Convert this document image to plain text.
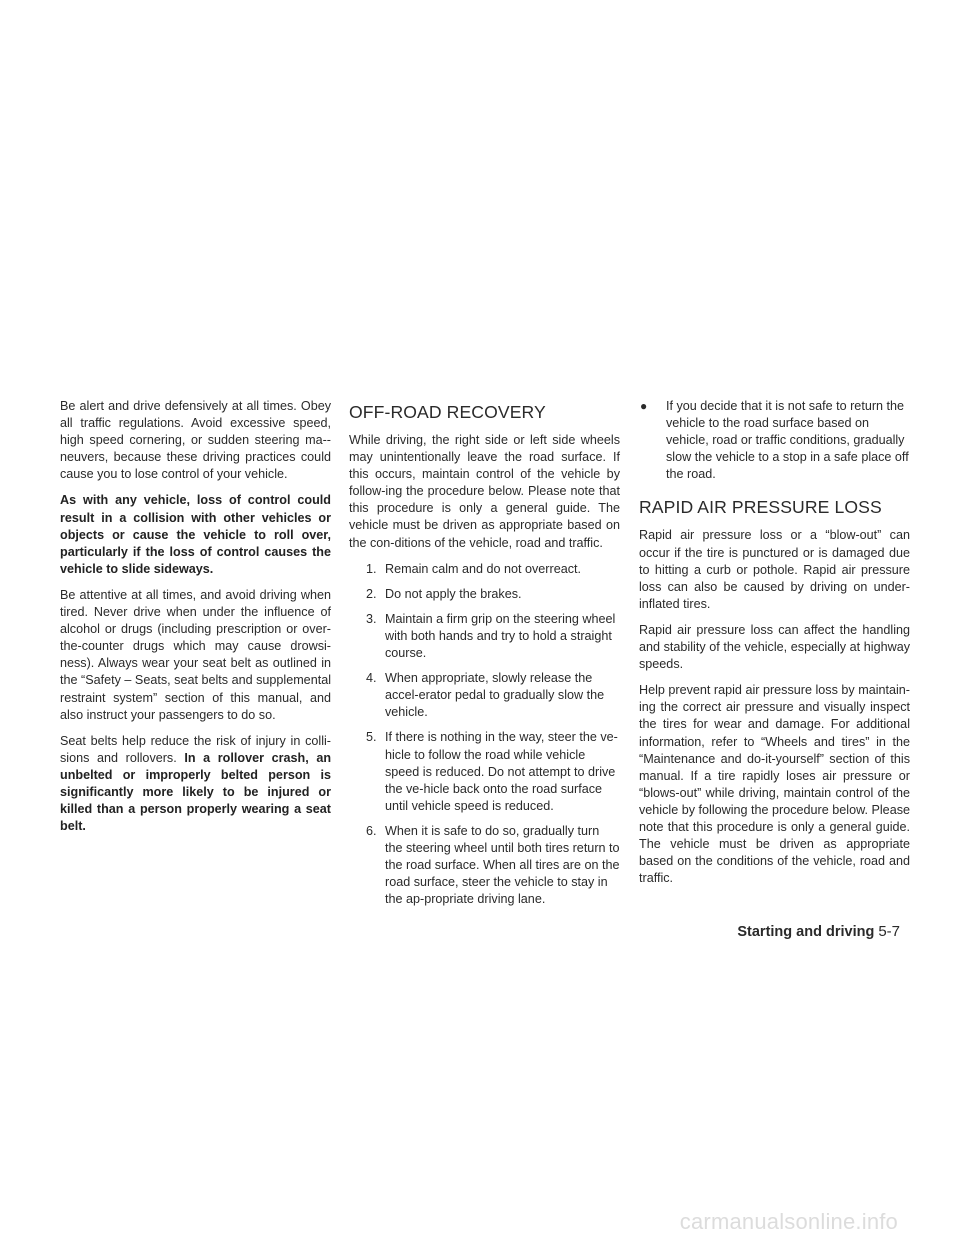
Be alert and drive defensively at all times. Obey all traffic regulations. Avoid excessive speed, high speed cornering, or sudden steering ma-neuvers, because these driving practices could cause you to lose control of your vehicle.

As with any vehicle, loss of control could result in a collision with other vehicles or objects or cause the vehicle to roll over, particularly if the loss of control causes the vehicle to slide sideways.

Be attentive at all times, and avoid driving when tired. Never drive when under the influence of alcohol or drugs (including prescription or over-the-counter drugs which may cause drowsi-ness). Always wear your seat belt as outlined in the “Safety – Seats, seat belts and supplemental restraint system” section of this manual, and also instruct your passengers to do so.

Seat belts help reduce the risk of injury in colli-sions and rollovers. In a rollover crash, an unbelted or improperly belted person is significantly more likely to be injured or killed than a person properly wearing a seat belt.

OFF-ROAD RECOVERY

While driving, the right side or left side wheels may unintentionally leave the road surface. If this occurs, maintain control of the vehicle by follow-ing the procedure below. Please note that this procedure is only a general guide. The vehicle must be driven as appropriate based on the con-ditions of the vehicle, road and traffic.

1. Remain calm and do not overreact.
2. Do not apply the brakes.
3. Maintain a firm grip on the steering wheel with both hands and try to hold a straight course.
4. When appropriate, slowly release the accel-erator pedal to gradually slow the vehicle.
5. If there is nothing in the way, steer the ve-hicle to follow the road while vehicle speed is reduced. Do not attempt to drive the ve-hicle back onto the road surface until vehicle speed is reduced.
6. When it is safe to do so, gradually turn the steering wheel until both tires return to the road surface. When all tires are on the road surface, steer the vehicle to stay in the ap-propriate driving lane.
● If you decide that it is not safe to return the vehicle to the road surface based on vehicle, road or traffic conditions, gradually slow the vehicle to a stop in a safe place off the road.
RAPID AIR PRESSURE LOSS

Rapid air pressure loss or a “blow-out” can occur if the tire is punctured or is damaged due to hitting a curb or pothole. Rapid air pressure loss can also be caused by driving on under-inflated tires.

Rapid air pressure loss can affect the handling and stability of the vehicle, especially at highway speeds.

Help prevent rapid air pressure loss by maintain-ing the correct air pressure and visually inspect the tires for wear and damage. For additional information, refer to “Wheels and tires” in the “Maintenance and do-it-yourself” section of this manual. If a tire rapidly loses air pressure or “blows-out” while driving, maintain control of the vehicle by following the procedure below. Please note that this procedure is only a general guide. The vehicle must be driven as appropriate based on the conditions of the vehicle, road and traffic.

Starting and driving 5-7
carmanualsonline.info
